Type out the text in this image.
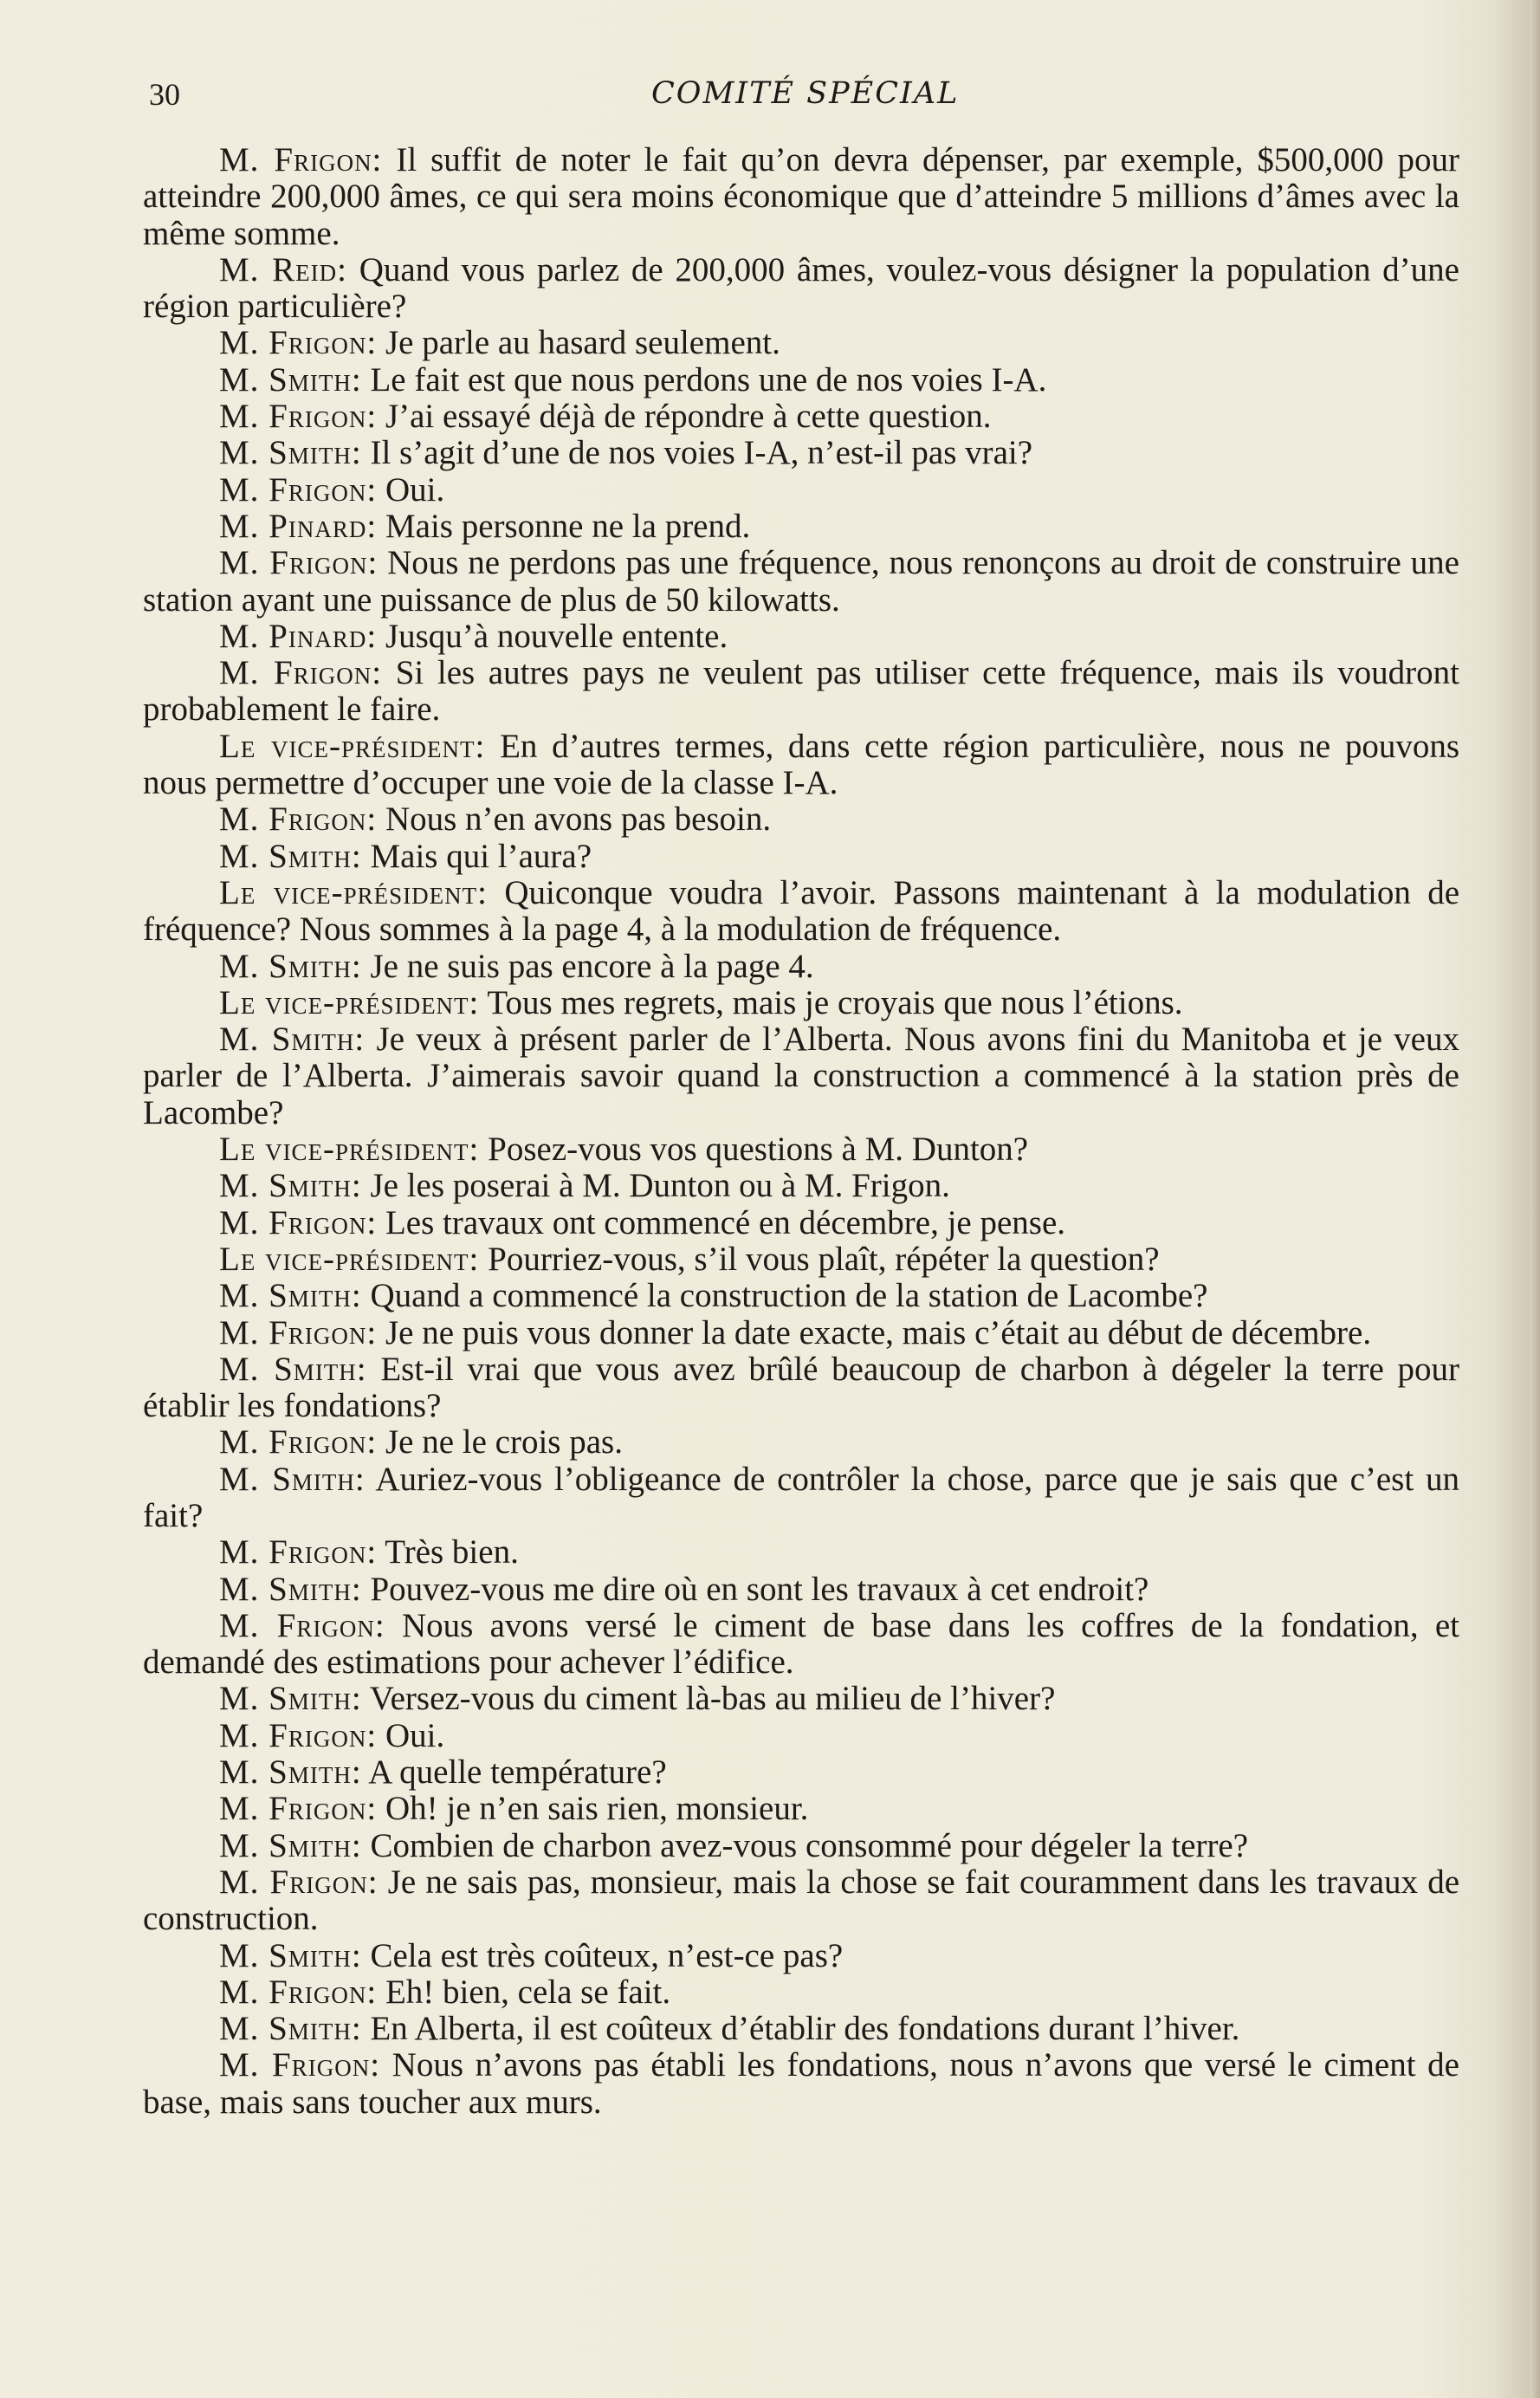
30	COMITÉ SPÉCIAL

M. Frigon: Il suffit de noter le fait qu’on devra dépenser, par exemple, $500,000 pour atteindre 200,000 âmes, ce qui sera moins économique que d’atteindre 5 millions d’âmes avec la même somme.

M. Reid: Quand vous parlez de 200,000 âmes, voulez-vous désigner la population d’une région particulière?

M. Frigon: Je parle au hasard seulement.

M. Smith: Le fait est que nous perdons une de nos voies I-A.

M. Frigon: J’ai essayé déjà de répondre à cette question.

M. Smith: Il s’agit d’une de nos voies I-A, n’est-il pas vrai?

M. Frigon: Oui.

M. Pinard: Mais personne ne la prend.

M. Frigon: Nous ne perdons pas une fréquence, nous renonçons au droit de construire une station ayant une puissance de plus de 50 kilowatts.

M. Pinard: Jusqu’à nouvelle entente.

M. Frigon: Si les autres pays ne veulent pas utiliser cette fréquence, mais ils voudront probablement le faire.

Le vice-président: En d’autres termes, dans cette région particulière, nous ne pouvons nous permettre d’occuper une voie de la classe I-A.

M. Frigon: Nous n’en avons pas besoin.

M. Smith: Mais qui l’aura?

Le vice-président: Quiconque voudra l’avoir. Passons maintenant à la modulation de fréquence? Nous sommes à la page 4, à la modulation de fréquence.

M. Smith: Je ne suis pas encore à la page 4.

Le vice-président: Tous mes regrets, mais je croyais que nous l’étions.

M. Smith: Je veux à présent parler de l’Alberta. Nous avons fini du Manitoba et je veux parler de l’Alberta. J’aimerais savoir quand la construction a commencé à la station près de Lacombe?

Le vice-président: Posez-vous vos questions à M. Dunton?

M. Smith: Je les poserai à M. Dunton ou à M. Frigon.

M. Frigon: Les travaux ont commencé en décembre, je pense.

Le vice-président: Pourriez-vous, s’il vous plaît, répéter la question?

M. Smith: Quand a commencé la construction de la station de Lacombe?

M. Frigon: Je ne puis vous donner la date exacte, mais c’était au début de décembre.

M. Smith: Est-il vrai que vous avez brûlé beaucoup de charbon à dégeler la terre pour établir les fondations?

M. Frigon: Je ne le crois pas.

M. Smith: Auriez-vous l’obligeance de contrôler la chose, parce que je sais que c’est un fait?

M. Frigon: Très bien.

M. Smith: Pouvez-vous me dire où en sont les travaux à cet endroit?

M. Frigon: Nous avons versé le ciment de base dans les coffres de la fondation, et demandé des estimations pour achever l’édifice.

M. Smith: Versez-vous du ciment là-bas au milieu de l’hiver?

M. Frigon: Oui.

M. Smith: A quelle température?

M. Frigon: Oh! je n’en sais rien, monsieur.

M. Smith: Combien de charbon avez-vous consommé pour dégeler la terre?

M. Frigon: Je ne sais pas, monsieur, mais la chose se fait couramment dans les travaux de construction.

M. Smith: Cela est très coûteux, n’est-ce pas?

M. Frigon: Eh! bien, cela se fait.

M. Smith: En Alberta, il est coûteux d’établir des fondations durant l’hiver.

M. Frigon: Nous n’avons pas établi les fondations, nous n’avons que versé le ciment de base, mais sans toucher aux murs.
